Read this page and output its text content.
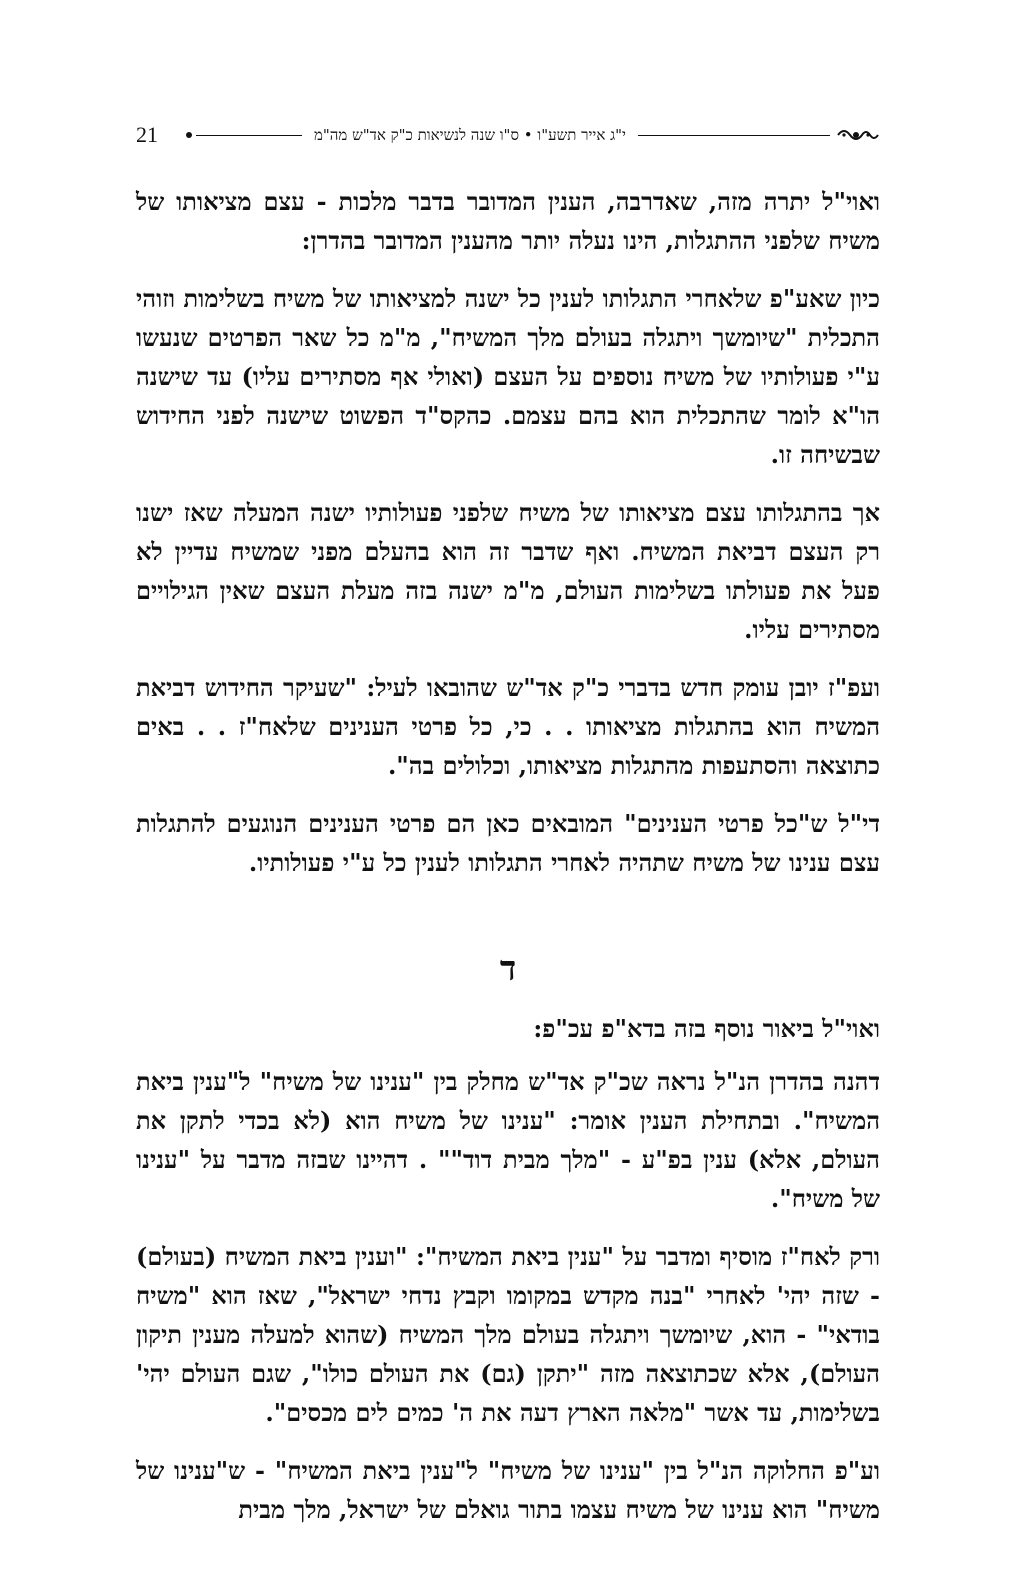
21	י"ג אייר תשע"ו • ס"ו שנה לנשיאות כ"ק אד"ש מה"מ

ואוי"ל יתרה מזה, שאדרבה, הענין המדובר בדבר מלכות - עצם מציאותו של משיח שלפני ההתגלות, הינו נעלה יותר מהענין המדובר בהדרן:

כיון שאע"פ שלאחרי התגלותו לענין כל ישנה למציאותו של משיח בשלימות וזוהי התכלית "שיומשך ויתגלה בעולם מלך המשיח", מ"מ כל שאר הפרטים שנעשו ע"י פעולותיו של משיח נוספים על העצם (ואולי אף מסתירים עליו) עד שישנה הו"א לומר שהתכלית הוא בהם עצמם. כהקס"ד הפשוט שישנה לפני החידוש שבשיחה זו.

אך בהתגלותו עצם מציאותו של משיח שלפני פעולותיו ישנה המעלה שאז ישנו רק העצם דביאת המשיח. ואף שדבר זה הוא בהעלם מפני שמשיח עדיין לא פעל את פעולתו בשלימות העולם, מ"מ ישנה בזה מעלת העצם שאין הגילויים מסתירים עליו.

ועפ"ז יובן עומק חדש בדברי כ"ק אד"ש שהובאו לעיל: "שעיקר החידוש דביאת המשיח הוא בהתגלות מציאותו . . כי, כל פרטי הענינים שלאח"ז . . באים כתוצאה והסתעפות מהתגלות מציאותו, וכלולים בה".

די"ל ש"כל פרטי הענינים" המובאים כאן הם פרטי הענינים הנוגעים להתגלות עצם ענינו של משיח שתהיה לאחרי התגלותו לענין כל ע"י פעולותיו.

ד

ואוי"ל ביאור נוסף בזה בדא"פ עכ"פ:

דהנה בהדרן הנ"ל נראה שכ"ק אד"ש מחלק בין "ענינו של משיח" ל"ענין ביאת המשיח". ובתחילת הענין אומר: "ענינו של משיח הוא (לא בכדי לתקן את העולם, אלא) ענין בפ"ע - "מלך מבית דוד"" . דהיינו שבזה מדבר על "ענינו של משיח".

ורק לאח"ז מוסיף ומדבר על "ענין ביאת המשיח": "וענין ביאת המשיח (בעולם) - שזה יהי' לאחרי "בנה מקדש במקומו וקבץ נדחי ישראל", שאז הוא "משיח בודאי" - הוא, שיומשך ויתגלה בעולם מלך המשיח (שהוא למעלה מענין תיקון העולם), אלא שכתוצאה מזה "יתקן (גם) את העולם כולו", שגם העולם יהי' בשלימות, עד אשר "מלאה הארץ דעה את ה' כמים לים מכסים".

וע"פ החלוקה הנ"ל בין "ענינו של משיח" ל"ענין ביאת המשיח" - ש"ענינו של משיח" הוא ענינו של משיח עצמו בתור גואלם של ישראל, מלך מבית
